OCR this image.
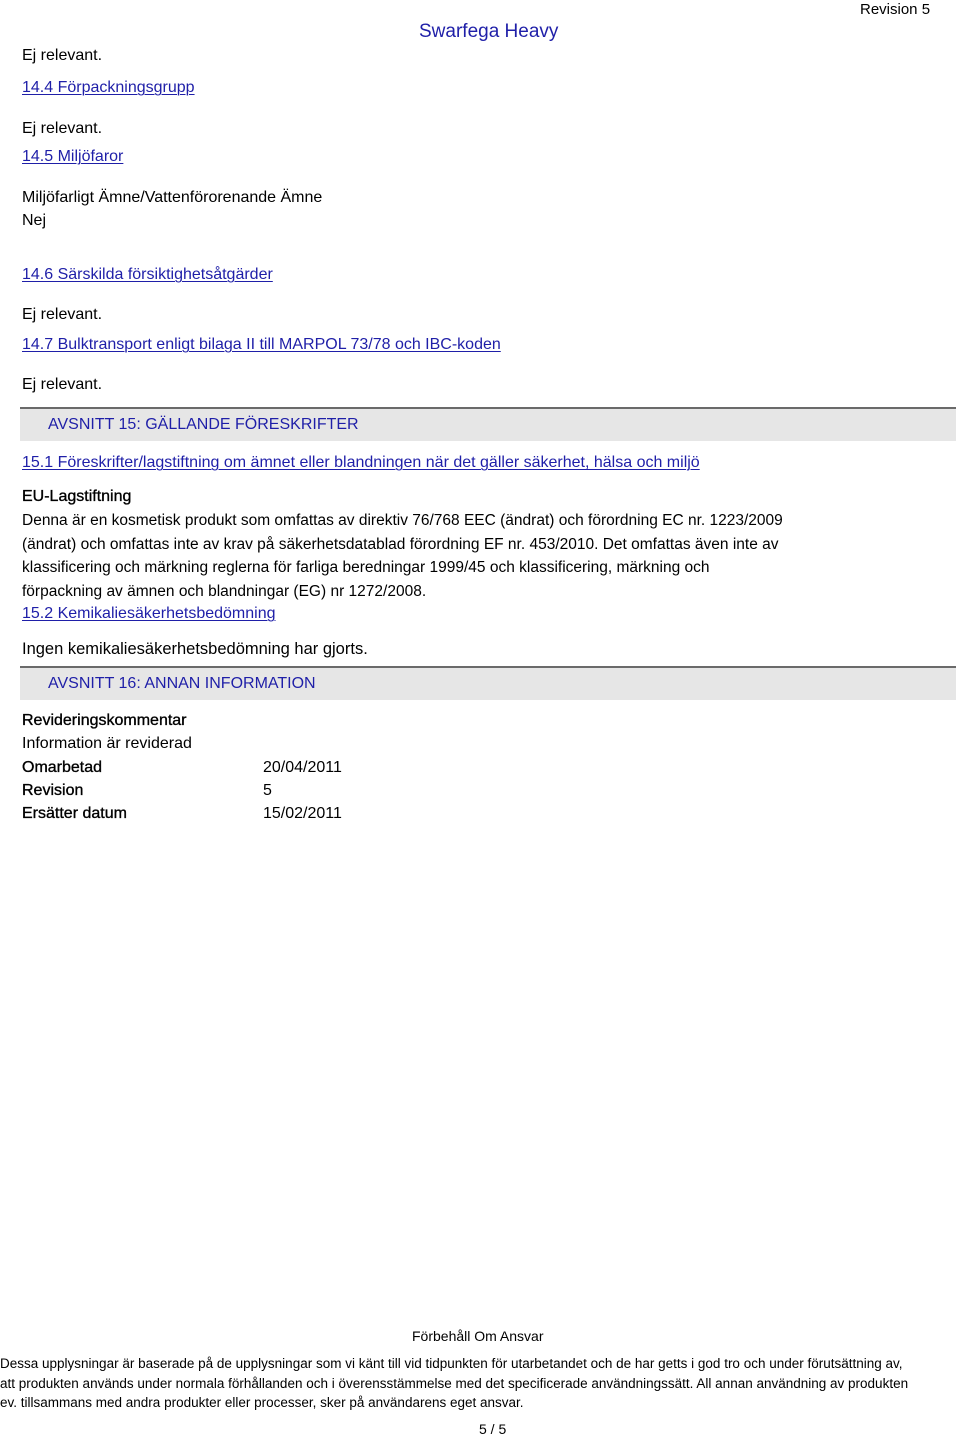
Swarfega Heavy
Revision 5
Ej relevant.
14.4 Förpackningsgrupp
Ej relevant.
14.5 Miljöfaror
Miljöfarligt Ämne/Vattenförorenande Ämne
Nej
14.6 Särskilda försiktighetsåtgärder
Ej relevant.
14.7 Bulktransport enligt bilaga II till MARPOL 73/78 och IBC-koden
Ej relevant.
AVSNITT 15: GÄLLANDE FÖRESKRIFTER
15.1 Föreskrifter/lagstiftning om ämnet eller blandningen när det gäller säkerhet, hälsa och miljö
EU-Lagstiftning
Denna är en kosmetisk produkt som omfattas av direktiv 76/768 EEC (ändrat) och förordning EC nr. 1223/2009
(ändrat) och omfattas inte av krav på säkerhetsdatablad förordning EF nr. 453/2010. Det omfattas även inte av
klassificering och märkning reglerna för farliga beredningar 1999/45 och klassificering, märkning och
förpackning av ämnen och blandningar (EG) nr 1272/2008.
15.2 Kemikaliesäkerhetsbedömning
Ingen kemikaliesäkerhetsbedömning har gjorts.
AVSNITT 16: ANNAN INFORMATION
Revideringskommentar
Information är reviderad
Omarbetad	20/04/2011
Revision	5
Ersätter datum	15/02/2011
Förbehåll Om Ansvar
Dessa upplysningar är baserade på de upplysningar som vi känt till vid tidpunkten för utarbetandet och de har getts i god tro och under förutsättning av,
att produkten används under normala förhållanden och i överensstämmelse med det specificerade användningssätt. All annan användning av produkten
ev. tillsammans med andra produkter eller processer, sker på användarens eget ansvar.
5 / 5
